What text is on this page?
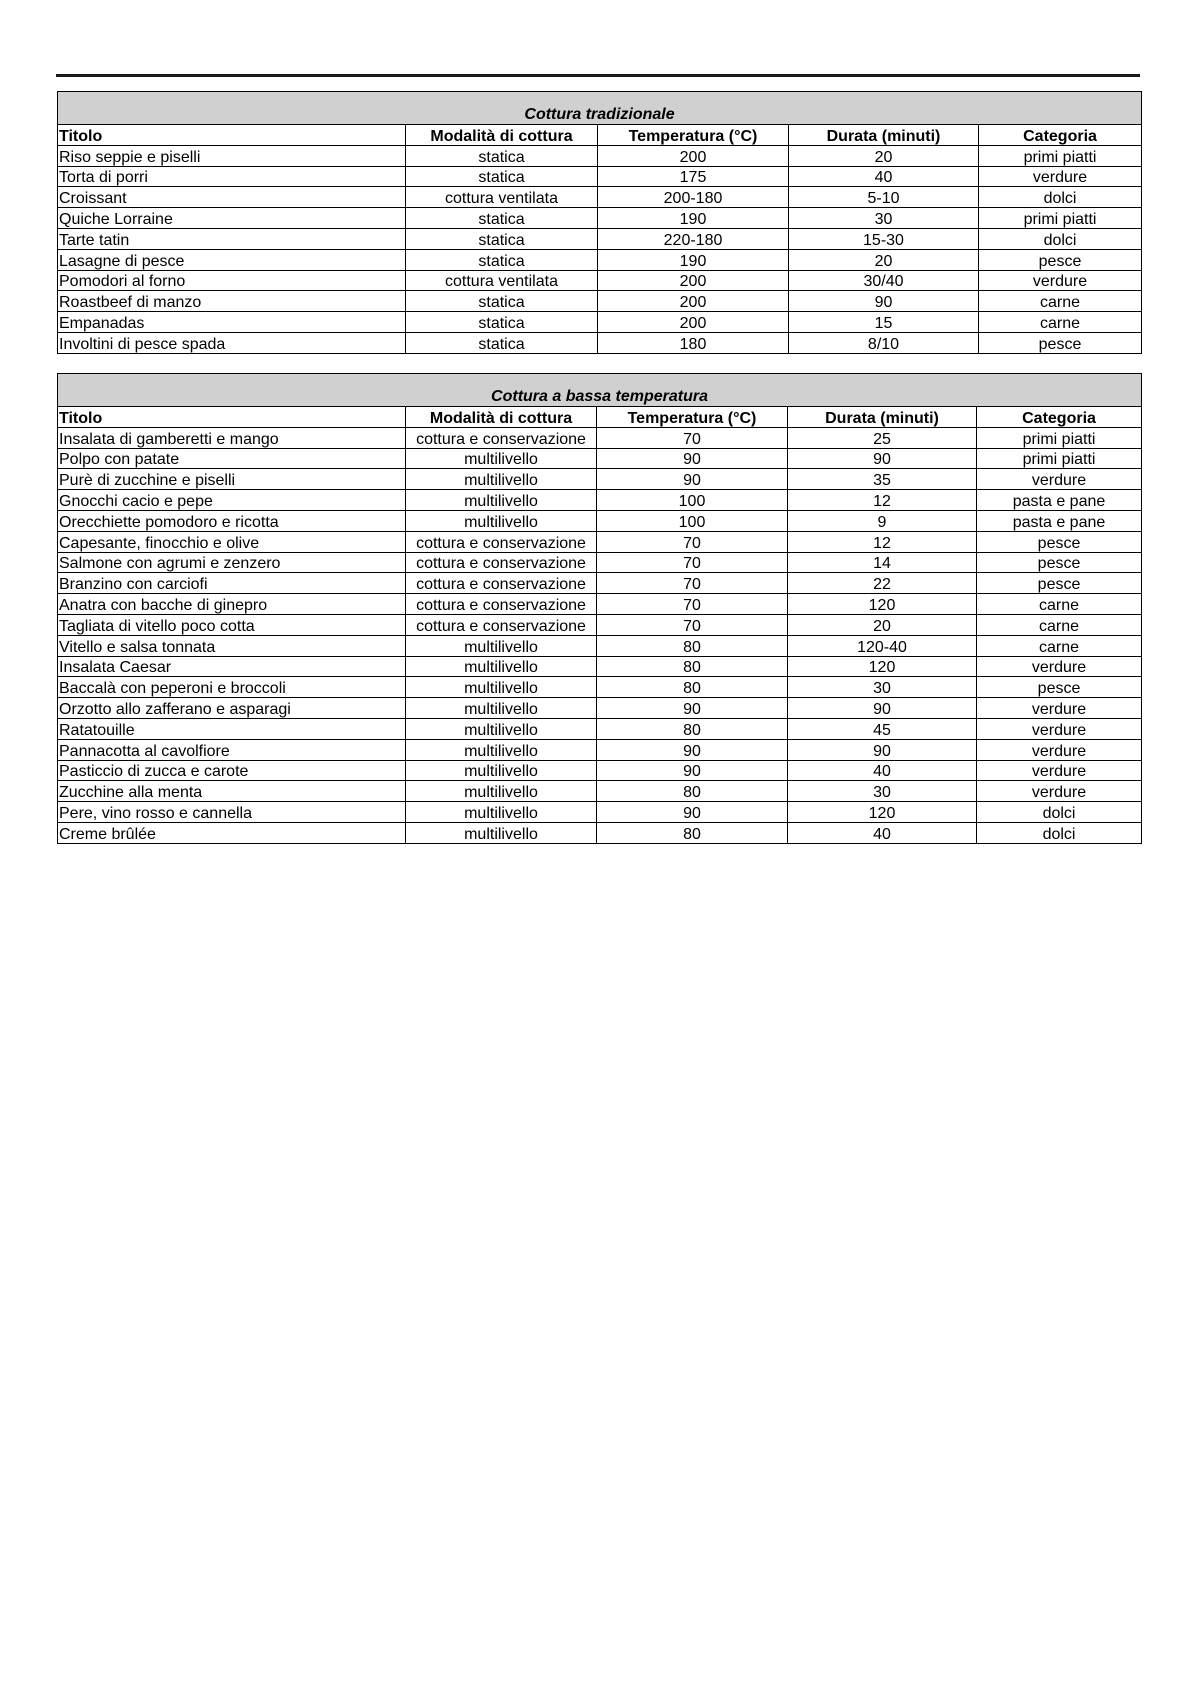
Cottura tradizionale				
Titolo	Modalità di cottura	Temperatura (°C)	Durata (minuti)	Categoria
Riso seppie e piselli	statica	200	20	primi piatti
Torta di porri	statica	175	40	verdure
Croissant	cottura ventilata	200-180	5-10	dolci
Quiche Lorraine	statica	190	30	primi piatti
Tarte tatin	statica	220-180	15-30	dolci
Lasagne di pesce	statica	190	20	pesce
Pomodori al forno	cottura ventilata	200	30/40	verdure
Roastbeef di manzo	statica	200	90	carne
Empanadas	statica	200	15	carne
Involtini di pesce spada	statica	180	8/10	pesce
Cottura a bassa temperatura				
Titolo	Modalità di cottura	Temperatura (°C)	Durata (minuti)	Categoria
Insalata di gamberetti e mango	cottura e conservazione	70	25	primi piatti
Polpo con patate	multilivello	90	90	primi piatti
Purè di zucchine e piselli	multilivello	90	35	verdure
Gnocchi cacio e pepe	multilivello	100	12	pasta e pane
Orecchiette pomodoro e ricotta	multilivello	100	9	pasta e pane
Capesante, finocchio e olive	cottura e conservazione	70	12	pesce
Salmone con agrumi e zenzero	cottura e conservazione	70	14	pesce
Branzino con carciofi	cottura e conservazione	70	22	pesce
Anatra con bacche di ginepro	cottura e conservazione	70	120	carne
Tagliata di vitello poco cotta	cottura e conservazione	70	20	carne
Vitello e salsa tonnata	multilivello	80	120-40	carne
Insalata Caesar	multilivello	80	120	verdure
Baccalà con peperoni e broccoli	multilivello	80	30	pesce
Orzotto allo zafferano e asparagi	multilivello	90	90	verdure
Ratatouille	multilivello	80	45	verdure
Pannacotta al cavolfiore	multilivello	90	90	verdure
Pasticcio di zucca e carote	multilivello	90	40	verdure
Zucchine alla menta	multilivello	80	30	verdure
Pere, vino rosso e cannella	multilivello	90	120	dolci
Creme brûlée	multilivello	80	40	dolci
